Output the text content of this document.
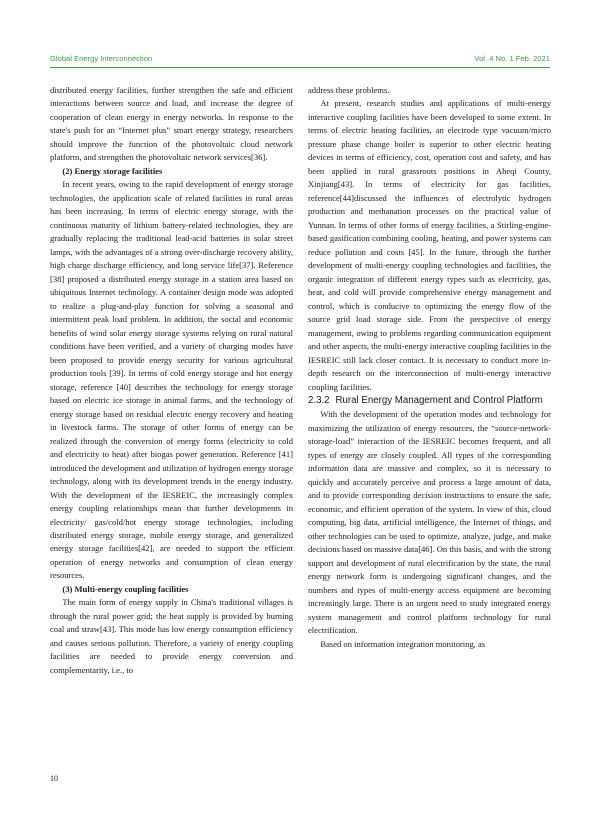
Global Energy Interconnection	Vol. 4 No. 1 Feb. 2021

distributed energy facilities, further strengthen the safe and efficient interactions between source and load, and increase the degree of cooperation of clean energy in energy networks. In response to the state's push for an “Internet plus” smart energy strategy, researchers should improve the function of the photovoltaic cloud network platform, and strengthen the photovoltaic network services[36].

(2) Energy storage facilities

In recent years, owing to the rapid development of energy storage technologies, the application scale of related facilities in rural areas has been increasing. In terms of electric energy storage, with the continuous maturity of lithium battery-related technologies, they are gradually replacing the traditional lead-acid batteries in solar street lamps, with the advantages of a strong over-discharge recovery ability, high charge discharge efficiency, and long service life[37]. Reference [38] proposed a distributed energy storage in a station area based on ubiquitous Internet technology. A container design mode was adopted to realize a plug-and-play function for solving a seasonal and intermittent peak load problem. In addition, the social and economic benefits of wind solar energy storage systems relying on rural natural conditions have been verified, and a variety of charging modes have been proposed to provide energy security for various agricultural production tools [39]. In terms of cold energy storage and hot energy storage, reference [40] describes the technology for energy storage based on electric ice storage in animal farms, and the technology of energy storage based on residual electric energy recovery and heating in livestock farms. The storage of other forms of energy can be realized through the conversion of energy forms (electricity to cold and electricity to heat) after biogas power generation. Reference [41] introduced the development and utilization of hydrogen energy storage technology, along with its development trends in the energy industry. With the development of the IESREIC, the increasingly complex energy coupling relationships mean that further developments in electricity/ gas/cold/hot energy storage technologies, including distributed energy storage, mobile energy storage, and generalized energy storage facilities[42], are needed to support the efficient operation of energy networks and consumption of clean energy resources.

(3) Multi-energy coupling facilities

The main form of energy supply in China's traditional villages is through the rural power grid; the heat supply is provided by burning coal and straw[43]. This mode has low energy consumption efficiency and causes serious pollution. Therefore, a variety of energy coupling facilities are needed to provide energy conversion and complementarity, i.e., to

address these problems.

At present, research studies and applications of multi-energy interactive coupling facilities have been developed to some extent. In terms of electric heating facilities, an electrode type vacuum/micro pressure phase change boiler is superior to other electric heating devices in terms of efficiency, cost, operation cost and safety, and has been applied in rural grassroots positions in Aheqi County, Xinjiang[43]. In terms of electricity for gas facilities, reference[44]discussed the influences of electrolytic hydrogen production and methanation processes on the practical value of Yunnan. In terms of other forms of energy facilities, a Stirling-engine-based gasification combining cooling, heating, and power systems can reduce pollution and costs [45]. In the future, through the further development of multi-energy coupling technologies and facilities, the organic integration of different energy types such as electricity, gas, heat, and cold will provide comprehensive energy management and control, which is conducive to optimizing the energy flow of the source grid load storage side. From the perspective of energy management, owing to problems regarding communication equipment and other aspects, the multi-energy interactive coupling facilities in the IESREIC still lack closer contact. It is necessary to conduct more in-depth research on the interconnection of multi-energy interactive coupling facilities.

2.3.2 Rural Energy Management and Control Platform

With the development of the operation modes and technology for maximizing the utilization of energy resources, the “source-network-storage-load” interaction of the IESREIC becomes frequent, and all types of energy are closely coupled. All types of the corresponding information data are massive and complex, so it is necessary to quickly and accurately perceive and process a large amount of data, and to provide corresponding decision instructions to ensure the safe, economic, and efficient operation of the system. In view of this, cloud computing, big data, artificial intelligence, the Internet of things, and other technologies can be used to optimize, analyze, judge, and make decisions based on massive data[46]. On this basis, and with the strong support and development of rural electrification by the state, the rural energy network form is undergoing significant changes, and the numbers and types of multi-energy access equipment are becoming increasingly large. There is an urgent need to study integrated energy system management and control platform technology for rural electrification.

Based on information integration monitoring, as

10
